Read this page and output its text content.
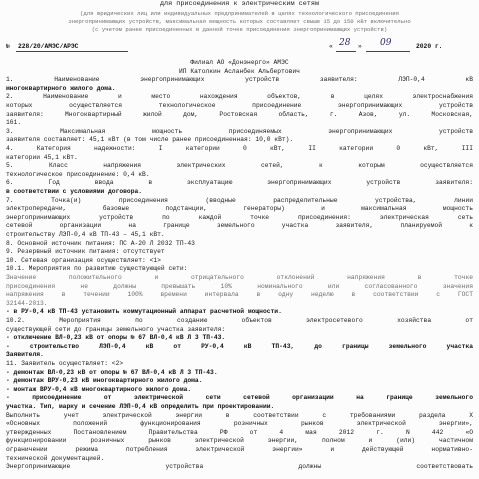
для присоединения к электрическим сетям
(для юридических лиц или индивидуальных предпринимателей в целях технологического присоединения
энергопринимающих устройств, максимальная мощность которых составляет свыше 15 до 150 кВт включительно
(с учетом ранее присоединенных в данной точке присоединения энергопринимающих устройств)
№ 228/20/АМЭС/АРЭС	« 28 » 09	2020 г.
Филиал АО «Донэнерго» АМЭС
ИП Католкин Асланбек Альбертович
1. Наименование энергопринимающих устройств заявителя: ЛЭП-0,4 кВ
многоквартирного жилого дома.
2. Наименование и место нахождения объектов, в целях электроснабжения
которых осуществляется технологическое присоединение энергопринимающих устройств
заявителя: Многоквартирный жилой дом, Ростовская область, г. Азов, ул. Московская,
161.
3. Максимальная мощность присоединяемых энергопринимающих устройств
заявителя составляет: 45,1 кВт (в том числе ранее присоединенная: 10,0 кВт).
4. Категория надежности: I категории 0 кВт, II категории 0 кВт, III
категории 45,1 кВт.
5. Класс напряжения электрических сетей, к которым осуществляется
технологическое присоединение: 0,4 кВ.
6. Год ввода в эксплуатацию энергопринимающих устройств заявителя:
в соответствии с условиями договора.
7. Точка(и) присоединения (вводные распределительные устройства, линии
электропередачи, базовые подстанции, генераторы) и максимальная мощность
энергопринимающих устройств по каждой точке присоединения: электрическая сеть
сетевой организации на границе земельного участка заявителя, планируемой к
строительству ЛЭП-0,4 кВ ТП-43 – 45,1 кВт.
8. Основной источник питания: ПС А-20 Л 2032 ТП-43
9. Резервный источник питания: отсутствует
10. Сетевая организация осуществляет: <1>
10.1. Мероприятия по развитию существующей сети:
Значение положительного и отрицательного отклонений напряжения в точке
присоединения не должны превышать 10% номинального или согласованного значения
напряжения в течении 100% времени интервала в одну неделю в соответствии с ГОСТ
32144-2013.
- в РУ-0,4 кВ ТП-43 установить коммутационный аппарат расчетной мощности.
10.2. Мероприятия по созданию объектов электросетевого хозяйства от
существующей сети до границы земельного участка заявителя:
- отключение ВЛ-0,23 кВ от опоры № 67 ВЛ-0,4 кВ Л 3 ТП-43.
- строительство ЛЭП-0,4 кВ от РУ-0,4 кВ ТП-43, до границы земельного участка
Заявителя.
11. Заявитель осуществляет: <2>
- демонтаж ВЛ-0,23 кВ от опоры № 67 ВЛ-0,4 кВ Л 3 ТП-43.
- демонтаж ВРУ-0,23 кВ многоквартирного жилого дома.
- монтаж ВРУ-0,4 кВ многоквартирного жилого дома.
- присоединение от электрической сети сетевой организации на границе земельного
участка. Тип, марку и сечение ЛЭП-0,4 кВ определить при проектировании.
Выполнить учет электрической энергии в соответствии с требованиями раздела X
«Основных положений функционирования розничных рынков электрической энергии»,
утвержденных Постановлением Правительства РФ от 4 мая 2012 г. N 442 «О
функционировании розничных рынков электрической энергии, полном и (или) частичном
ограничении режима потребления электрической энергии» и действующей нормативно-
технической документацией.
Энергопринимающие устройства должны соответствовать
